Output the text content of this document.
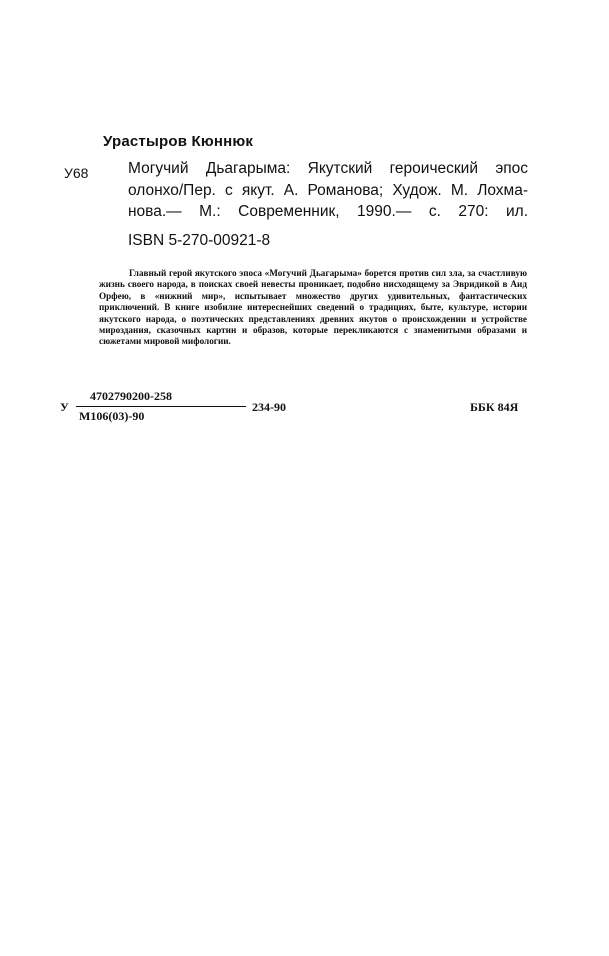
Урастыров Кюннюк
У68	Могучий Дьагарыма: Якутский героический эпос
олонхо/Пер. с якут. А. Романова; Худож. М. Лохма-
нова.— М.: Современник, 1990.— с. 270: ил.
ISBN 5-270-00921-8

Главный герой якутского эпоса «Могучий Дьагарыма» борется против сил зла, за счастливую жизнь своего народа, в поисках своей невесты проникает, подобно нисходящему за Эвридикой в Аид Орфею, в «нижний мир», испытывает множество других удивительных, фантастических приключений. В книге изобилие интереснейших сведений о традициях, быте, культуре, истории якутского народа, о поэтических представлениях древних якутов о происхождении и устройстве мироздания, сказочных картин и образов, которые перекликаются с знаменитыми образами и сюжетами мировой мифологии.

У
4702790200-258
М106(03)-90
234-90	ББК 84Я
